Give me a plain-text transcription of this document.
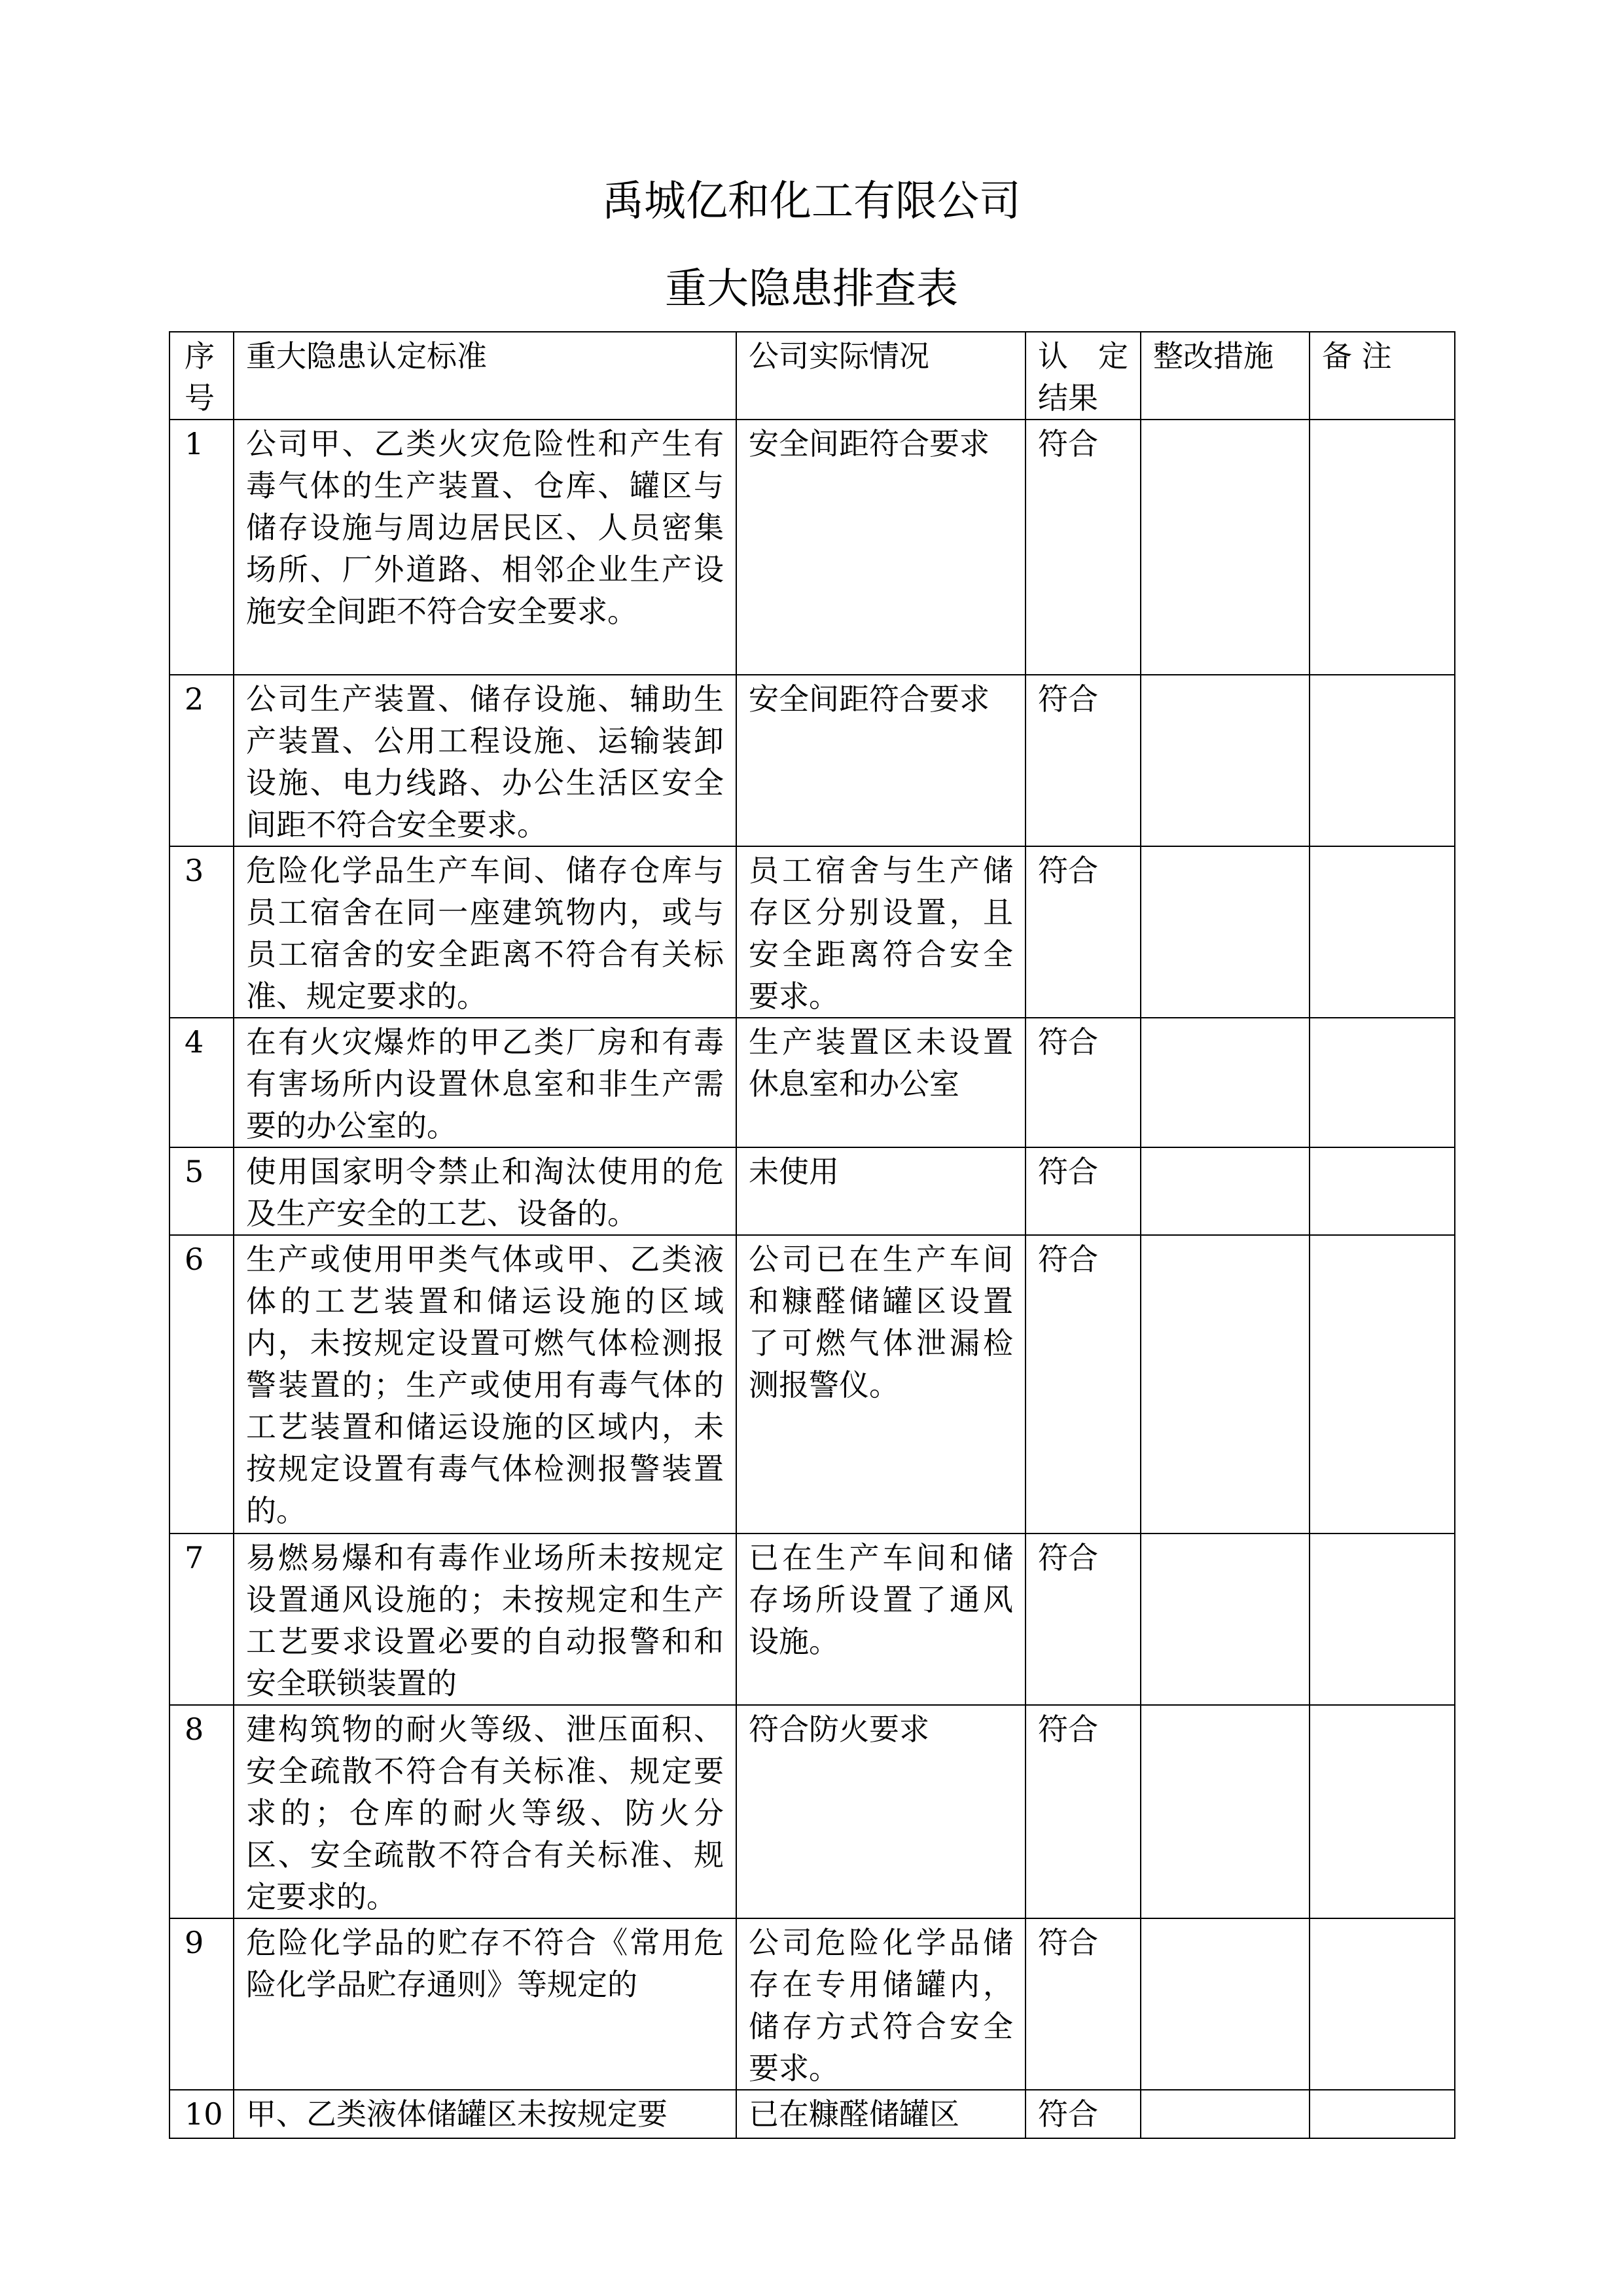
禹城亿和化工有限公司
重大隐患排查表
序号	重大隐患认定标准	公司实际情况	认 定结果	整改措施	备 注
1	公司甲、乙类火灾危险性和产生有毒气体的生产装置、仓库、罐区与储存设施与周边居民区、人员密集场所、厂外道路、相邻企业生产设施安全间距不符合安全要求。	安全间距符合要求	符合		
2	公司生产装置、储存设施、辅助生产装置、公用工程设施、运输装卸设施、电力线路、办公生活区安全间距不符合安全要求。	安全间距符合要求	符合		
3	危险化学品生产车间、储存仓库与员工宿舍在同一座建筑物内，或与员工宿舍的安全距离不符合有关标准、规定要求的。	员工宿舍与生产储存区分别设置，且安全距离符合安全要求。	符合		
4	在有火灾爆炸的甲乙类厂房和有毒有害场所内设置休息室和非生产需要的办公室的。	生产装置区未设置休息室和办公室	符合		
5	使用国家明令禁止和淘汰使用的危及生产安全的工艺、设备的。	未使用	符合		
6	生产或使用甲类气体或甲、乙类液体的工艺装置和储运设施的区域内，未按规定设置可燃气体检测报警装置的；生产或使用有毒气体的工艺装置和储运设施的区域内，未按规定设置有毒气体检测报警装置的。	公司已在生产车间和糠醛储罐区设置了可燃气体泄漏检测报警仪。	符合		
7	易燃易爆和有毒作业场所未按规定设置通风设施的；未按规定和生产工艺要求设置必要的自动报警和和安全联锁装置的	已在生产车间和储存场所设置了通风设施。	符合		
8	建构筑物的耐火等级、泄压面积、安全疏散不符合有关标准、规定要求的；仓库的耐火等级、防火分区、安全疏散不符合有关标准、规定要求的。	符合防火要求	符合		
9	危险化学品的贮存不符合《常用危险化学品贮存通则》等规定的	公司危险化学品储存在专用储罐内，储存方式符合安全要求。	符合		
10	甲、乙类液体储罐区未按规定要	已在糠醛储罐区	符合		
